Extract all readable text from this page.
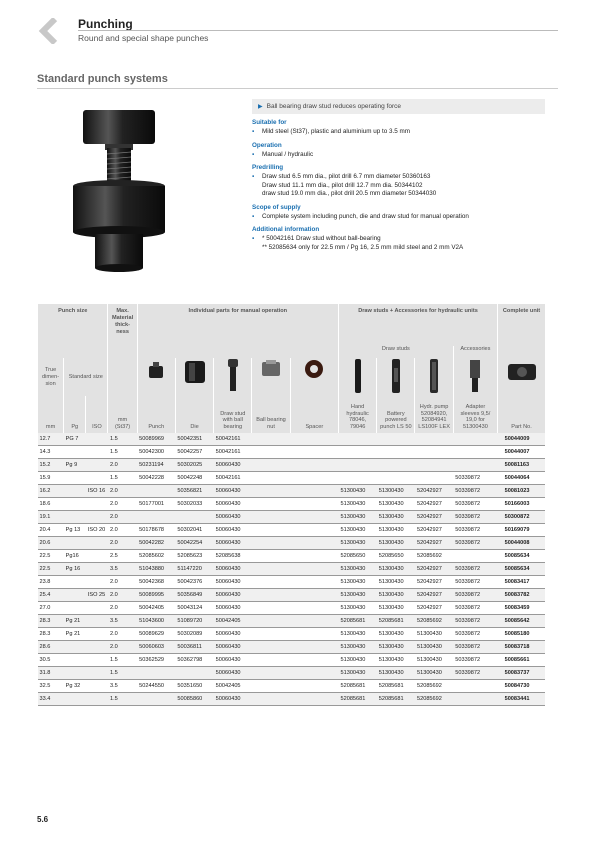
Punching
Round and special shape punches
Standard punch systems
▶ Ball bearing draw stud reduces operating force
Suitable for
▪	Mild steel (St37), plastic and aluminium up to 3.5 mm
Operation
▪	Manual / hydraulic
Predrilling
▪	Draw stud 6.5 mm dia., pilot drill 6.7 mm diameter 50360163
Draw stud 11.1 mm dia., pilot drill 12.7 mm dia. 50344102
draw stud 19.0 mm dia., pilot drill 20.5 mm diameter 50344030
Scope of supply
▪	Complete system including punch, die and draw stud for manual operation
Additional information
▪	* 50042161 Draw stud without ball-bearing
** 52085634 only for 22.5 mm / Pg 16, 2.5 mm mild steel and 2 mm V2A
Punch size			Max. Material thick-ness	Individual parts for manual operation					Draw studs + Accessories for hydraulic units				Complete unit	
									Draw studs			Accessories		
True dimen-sion	Standard size											
mm	Pg	ISO	mm (St37)	Punch	Die	Draw stud with ball bearing	Ball bearing nut	Spacer	Hand hydraulic 78046, 79046	Battery powered punch LS 50	Hydr. pump 52084920, 52084941 LS100F LEX	Adapter sleeves 9,5/ 19,0 for 51300430	Part No.	
12.7	PG 7		1.5	50089969	50042351	50042161								50044009
14.3			1.5	50042300	50042257	50042161								50044007
15.2	Pg 9		2.0	50231194	50302025	50060430								50081163
15.9			1.5	50042228	50042248	50042161						50339872		50044064
16.2		ISO 16	2.0		50356821	50060430			51300430	51300430	52042927	50339872		50081023
18.6			2.0	50177001	50302033	50060430			51300430	51300430	52042927	50339872		50166003
19.1			2.0			50060430			51300430	51300430	52042927	50339872		50300872
20.4	Pg 13	ISO 20	2.0	50178678	50302041	50060430			51300430	51300430	52042927	50339872		50169079
20.6			2.0	50042282	50042254	50060430			51300430	51300430	52042927	50339872		50044008
22.5	Pg16		2.5	52085602	52085623	52085638			52085650	52085650	52085692			50085634
22.5	Pg 16		3.5	51043880	51147220	50060430			51300430	51300430	52042927	50339872		50085634
23.8			2.0	50042368	50042376	50060430			51300430	51300430	52042927	50339872		50083417
25.4		ISO 25	2.0	50089995	50356849	50060430			51300430	51300430	52042927	50339872		50083782
27.0			2.0	50042405	50043124	50060430			51300430	51300430	52042927	50339872		50083459
28.3	Pg 21		3.5	51043600	51089720	50042405			52085681	52085681	52085692	50339872		50085642
28.3	Pg 21		2.0	50089629	50302089	50060430			51300430	51300430	51300430	50339872		50085180
28.6			2.0	50060603	50036811	50060430			51300430	51300430	51300430	50339872		50083718
30.5			1.5	50362529	50362798	50060430			51300430	51300430	51300430	50339872		50085661
31.8			1.5			50060430			51300430	51300430	51300430	50339872		50083737
32.5	Pg 32		3.5	50244550	50351650	50042405			52085681	52085681	52085692			50084730
33.4			1.5		50085860	50060430			52085681	52085681	52085692			50083441
5.6
